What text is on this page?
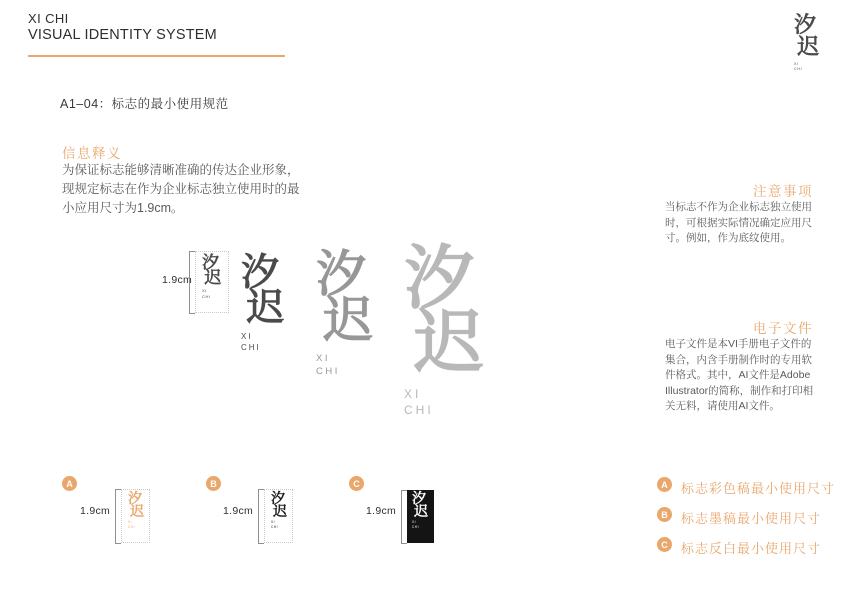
XI CHI
VISUAL IDENTITY SYSTEM	汐
迟
XI
CHI
A1–04：标志的最小使用规范
信息释义
为保证标志能够清晰准确的传达企业形象，现规定标志在作为企业标志独立使用时的最小应用尺寸为1.9cm。
注意事项
当标志不作为企业标志独立使用时，可根据实际情况确定应用尺寸。例如，作为底纹使用。
电子文件
电子文件是本VI手册电子文件的集合，内含手册制作时的专用软件格式。其中，AI文件是Adobe Illustrator的简称，制作和打印相关无料，请使用AI文件。
1.9cm
汐
迟
XI
CHI
汐
迟
XI
CHI
汐
迟
XI
CHI
汐
迟
XI
CHI
A
1.9cm
汐
迟
XI
CHI
B
1.9cm
汐
迟
XI
CHI
C
1.9cm
汐
迟
XI
CHI
A 标志彩色稿最小使用尺寸
B 标志墨稿最小使用尺寸
C 标志反白最小使用尺寸
